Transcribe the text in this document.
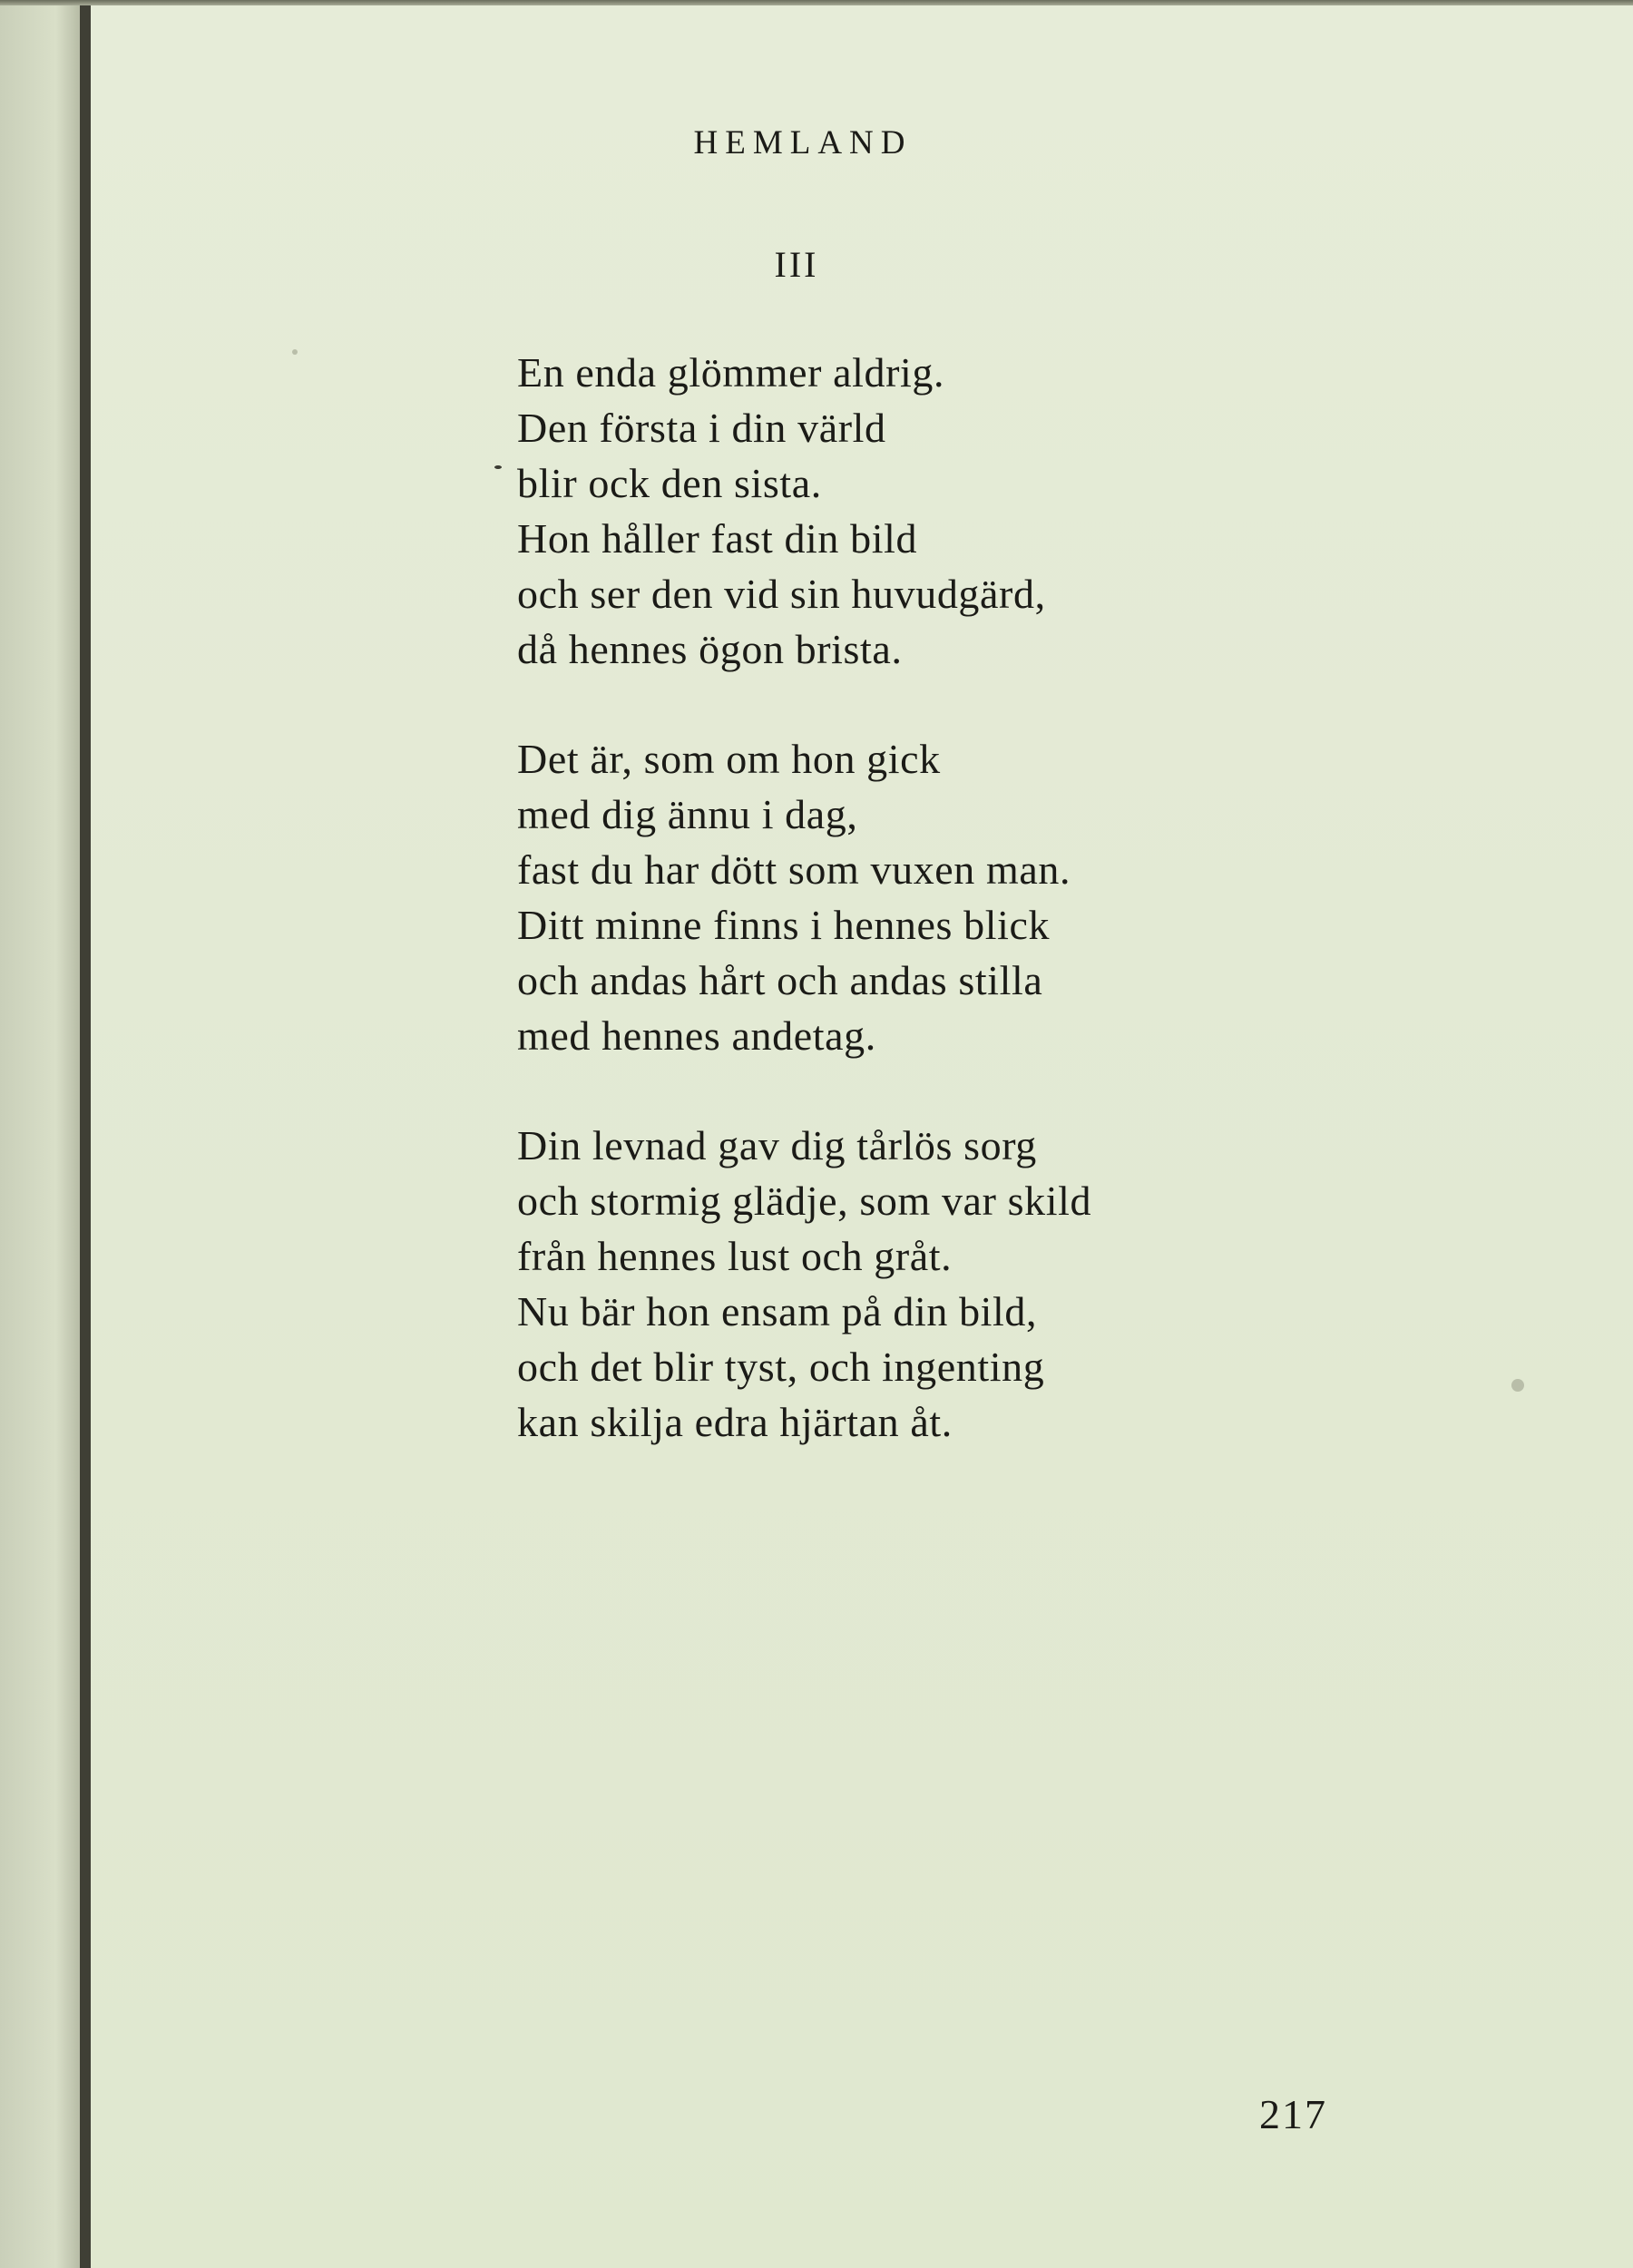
HEMLAND
III
En enda glömmer aldrig.
Den första i din värld
blir ock den sista.
Hon håller fast din bild
och ser den vid sin huvudgärd,
då hennes ögon brista.
Det är, som om hon gick
med dig ännu i dag,
fast du har dött som vuxen man.
Ditt minne finns i hennes blick
och andas hårt och andas stilla
med hennes andetag.
Din levnad gav dig tårlös sorg
och stormig glädje, som var skild
från hennes lust och gråt.
Nu bär hon ensam på din bild,
och det blir tyst, och ingenting
kan skilja edra hjärtan åt.
217
